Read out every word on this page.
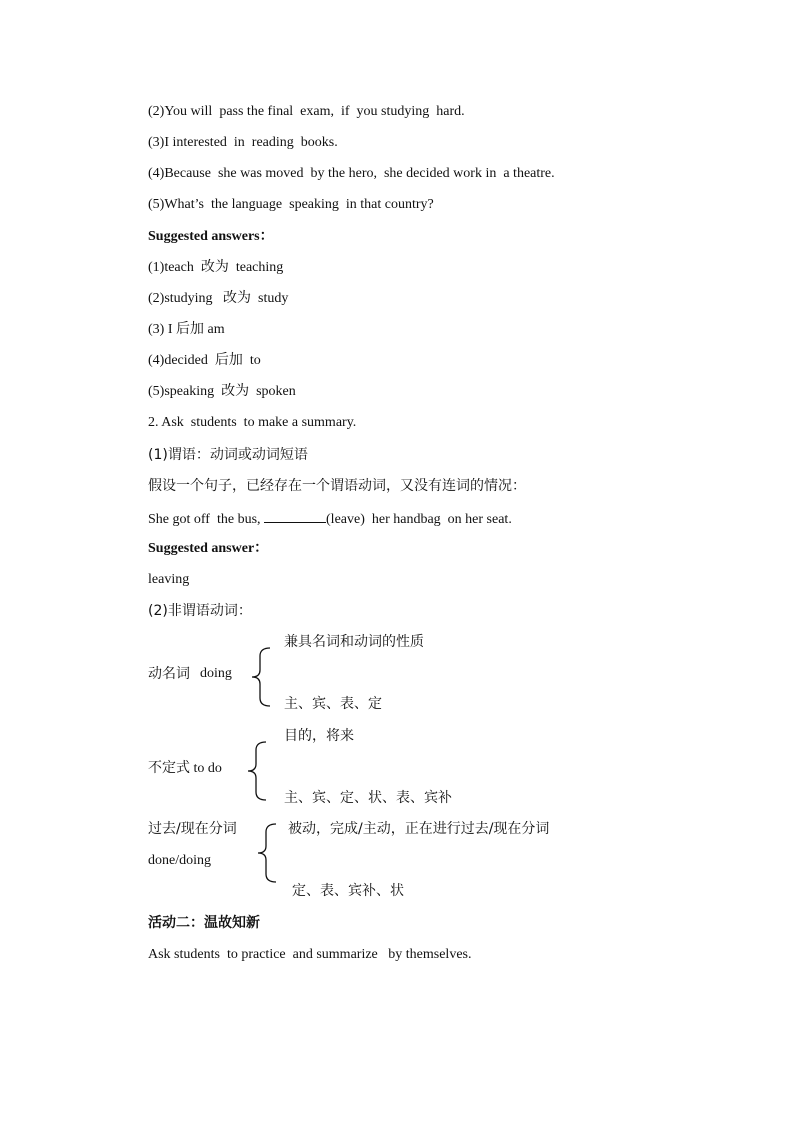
(2)You will  pass the final  exam,  if  you studying  hard.
(3)I interested  in  reading  books.
(4)Because  she was moved  by the hero,  she decided work in  a theatre.
(5)What’s  the language  speaking  in that country?
Suggested answers：
(1)teach  改为  teaching
(2)studying   改为  study
(3) I 后加 am
(4)decided  后加  to
(5)speaking  改为  spoken
2. Ask  students  to make a summary.
(1)谓语：动词或动词短语
假设一个句子，已经存在一个谓语动词，又没有连词的情况：
She got off  the bus,	(leave)  her handbag  on her seat.
Suggested answer：
leaving
(2)非谓语动词：
动名词 doing
兼具名词和动词的性质
主、宾、表、定
不定式 to do
目的，将来
主、宾、定、状、表、宾补
过去/现在分词
done/doing
被动，完成/主动，正在进行过去/现在分词
定、表、宾补、状
活动二：温故知新
Ask students  to practice  and summarize   by themselves.
